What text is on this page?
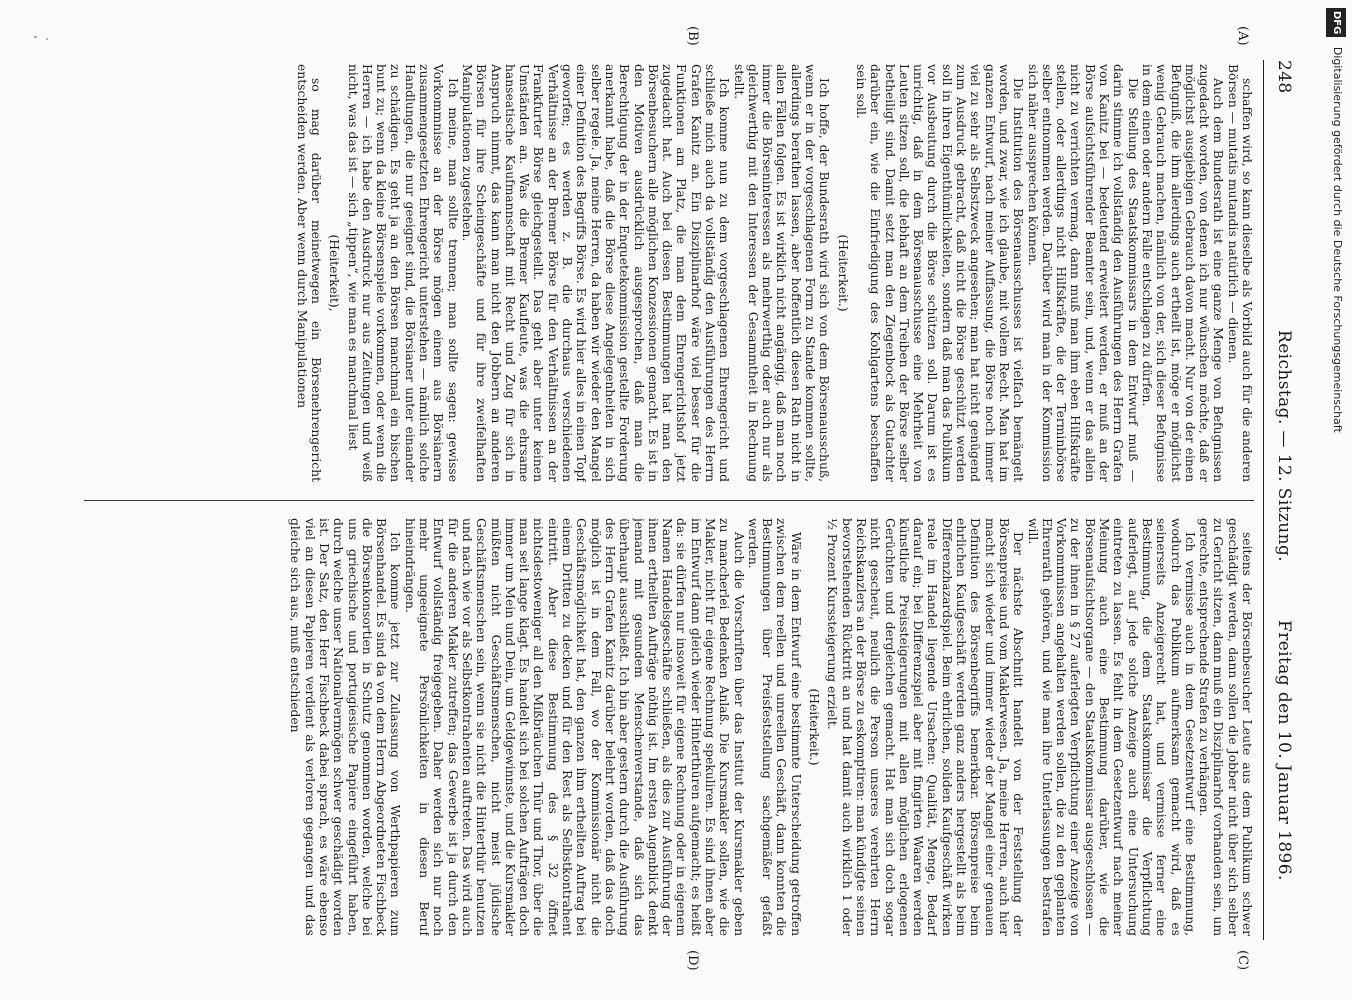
248
Reichstag. — 12. Sitzung.
Freitag den 10. Januar 1896.
(A)
(B)
(C)
(D)

schaffen wird, so kann dieselbe als Vorbild auch für die anderen Börsen — mutatis mutandis natürlich — dienen.

Auch dem Bundesrath ist eine ganze Menge von Befugnissen zugedacht worden, von denen ich nur wünschen möchte, daß er möglichst ausgiebigen Gebrauch davon macht. Nur von der einen Befugniß, die ihm allerdings auch ertheilt ist, möge er möglichst wenig Gebrauch machen, nämlich von der, sich dieser Befugnisse in dem einen oder andern Falle entschlagen zu dürfen.

Die Stellung des Staatskommissars in dem Entwurf muß — darin stimme ich vollständig den Ausführungen des Herrn Grafen von Kanitz bei — bedeutend erweitert werden, er muß an der Börse aufsichtsführender Beamter sein, und, wenn er das allein nicht zu verrichten vermag, dann muß man ihm eben Hilfskräfte stellen, oder allerdings nicht Hilfskräfte, die der Terminbörse selber entnommen werden. Darüber wird man in der Kommission sich näher aussprechen können.

Die Institution des Börsenausschusses ist vielfach bemängelt worden, und zwar, wie ich glaube, mit vollem Recht. Man hat im ganzen Entwurf, nach meiner Auffassung, die Börse noch immer viel zu sehr als Selbstzweck angesehen; man hat nicht genügend zum Ausdruck gebracht, daß nicht die Börse geschützt werden soll in ihren Eigenthümlichkeiten, sondern daß man das Publikum vor Ausbeutung durch die Börse schützen soll. Darum ist es unrichtig, daß in dem Börsenausschusse eine Mehrheit von Leuten sitzen soll, die lebhaft an dem Treiben der Börse selber betheiligt sind. Damit setzt man den Ziegenbock als Gutachter darüber ein, wie die Einfriedigung des Kohlgartens beschaffen sein soll.

(Heiterkeit.)

Ich hoffe, der Bundesrath wird sich von dem Börsenausschuß, wenn er in der vorgeschlagenen Form zu Stande kommen sollte, allerdings berathen lassen, aber hoffentlich diesen Rath nicht in allen Fällen folgen. Es ist wirklich nicht angängig, daß man noch immer die Börseninteressen als mehrwerthig oder auch nur als gleichwerthig mit den Interessen der Gesammtheit in Rechnung stellt.

Ich komme nun zu dem vorgeschlagenen Ehrengericht und schließe mich auch da vollständig den Ausführungen des Herrn Grafen Kanitz an. Ein Disziplinarhof wäre viel besser für die Funktionen am Platz, die man dem Ehrengerichtshof jetzt zugedacht hat. Auch bei diesen Bestimmungen hat man den Börsenbesuchern alle möglichen Konzessionen gemacht. Es ist in den Motiven ausdrücklich ausgesprochen, daß man die Berechtigung der in der Enquetekommission gestellte Forderung anerkannt habe, daß die Börse diese Angelegenheiten in sich selber regele. Ja, meine Herren, da haben wir wieder den Mangel einer Definition des Begriffs Börse. Es wird hier alles in einen Topf geworfen; es werden z. B. die durchaus verschiedenen Verhältnisse an der Bremer Börse für den Verhältnissen an der Frankfurter Börse gleichgestellt. Das geht aber unter keinen Umständen an. Was die Bremer Kaufleute, was die ehrsame hanseatische Kaufmannschaft mit Recht und Zug für sich in Anspruch nimmt, das kann man nicht den Jobbern an anderen Börsen für ihre Scheingeschäfte und für ihre zweifelhaften Manipulationen zugestehen.

Ich meine, man sollte trennen; man sollte sagen: gewisse Vorkommnisse an der Börse mögen einem aus Börsianern zusammengesetzten Ehrengericht unterstehen — nämlich solche Handlungen, die nur geeignet sind, die Börsianer unter einander zu schädigen. Es geht ja an den Börsen manchmal ein bischen bunt zu; wenn da kleine Börsenspiele vorkommen, oder wenn die Herren — ich habe den Ausdruck nur aus Zeitungen und weiß nicht, was das ist — sich „tippen“, wie man es manchmal liest

(Heiterkeit),

so mag darüber meinetwegen ein Börsenehrengericht entscheiden werden. Aber wenn durch Manipulationen

seitens der Börsenbesucher Leute aus dem Publikum schwer geschädigt werden, dann sollen die Jobber nicht über sich selber zu Gericht sitzen, dann muß ein Disziplinarhof vorhanden sein, um gerechte, entsprechende Strafen zu verhängen.

Ich vermisse auch in dem Gesetzentwurf eine Bestimmung, wodurch das Publikum aufmerksam gemacht wird, daß es seinerseits Anzeigerecht hat, und vermisse ferner eine Bestimmung, die dem Staatskommissar die Verpflichtung auferlegt, auf jede solche Anzeige auch eine Untersuchung eintreten zu lassen. Es fehlt in dem Gesetzentwurf nach meiner Meinung auch eine Bestimmung darüber, wie die Börsenaufsichtsorgane — den Staatskommissar ausgeschlossen — zu der ihnen in § 27 auferlegten Verpflichtung einer Anzeige von Vorkommnissen angehalten werden sollen, die zu den geplanten Ehrenrath gehören, und wie man ihre Unterlassungen bestrafen will.

Der nächste Abschnitt handelt von der Feststellung der Börsenpreise und vom Maklerwesen. Ja, meine Herren, auch hier macht sich wieder und immer wieder der Mangel einer genauen Definition des Börsenbegriffs bemerkbar. Börsenpreise beim ehrlichen Kaufgeschäft werden ganz anders hergestellt als beim Differenzhazardspiel. Beim ehrlichen, soliden Kaufgeschäft wirken reale im Handel liegende Ursachen: Qualität, Menge, Bedarf darauf ein; bei Differenzspiel aber mit fingirten Waaren werden künstliche Preissteigerungen mit allen möglichen erlogenen Gerüchten und dergleichen gemacht. Hat man sich doch sogar nicht gescheut, neulich die Person unseres verehrten Herrn Reichskanzlers an der Börse zu eskomptiren: man kündigte seinen bevorstehenden Rücktritt an und hat damit auch wirklich 1 oder ½ Prozent Kurssteigerung erzielt.

(Heiterkeit.)

Wäre in dem Entwurf eine bestimmte Unterscheidung getroffen zwischen dem reellen und unreellen Geschäft, dann konnten die Bestimmungen über Preisfeststellung sachgemäßer gefaßt werden.

Auch die Vorschriften über das Institut der Kursmakler geben zu mancherlei Bedenken Anlaß. Die Kursmakler sollen, wie die Makler, nicht für eigene Rechnung spekuliren. Es sind ihnen aber im Entwurf dann gleich wieder Hinterthüren aufgemacht; es heißt da: sie dürfen nur insoweit für eigene Rechnung oder in eigenem Namen Handelsgeschäfte schließen, als dies zur Ausführung der ihnen ertheilten Aufträge nöthig ist. Im ersten Augenblick denkt jemand mit gesundem Menschenverstande, daß sich das überhaupt ausschließt. Ich bin aber gestern durch die Ausführung des Herrn Grafen Kanitz darüber belehrt worden, daß das doch möglich ist in dem Fall, wo der Kommissionär nicht die Geschäftsmöglichkeit hat, den ganzen ihm ertheilten Auftrag bei einem Dritten zu decken und für den Rest als Selbstkontrahent eintritt. Aber diese Bestimmung des § 32 öffnet nichtsdestoweniger all den Mißbräuchen Thür und Thor, über die man seit lange klagt. Es handelt sich bei solchen Aufträgen doch immer um Mein und Dein, um Geldgewinnste, und die Kursmakler müßten nicht Geschäftsmenschen, nicht meist jüdische Geschäftsmenschen sein, wenn sie nicht die Hinterthür benutzen und nach wie vor als Selbstkontrahenten auftreten. Das wird auch für die anderen Makler zutreffen; das Gewerbe ist ja durch den Entwurf vollständig freigegeben. Daher werden sich nur noch mehr ungeeignete Persönlichkeiten in diesen Beruf hineindrängen.

Ich komme jetzt zur Zulassung von Werthpapieren zum Börsenhandel. Es sind da von dem Herrn Abgeordneten Fischbeck die Börsenkonsortien in Schutz genommen worden, welche bei uns griechische und portugiesische Papiere eingeführt haben, durch welche unser Nationalvermögen schwer geschädigt worden ist. Der Satz, den Herr Fischbeck dabei sprach, es wäre ebenso viel an diesen Papieren verdient als verloren gegangen und das gleiche sich aus, muß entschieden

DFG Digitalisierung gefördert durch die Deutsche Forschungsgemeinschaft
